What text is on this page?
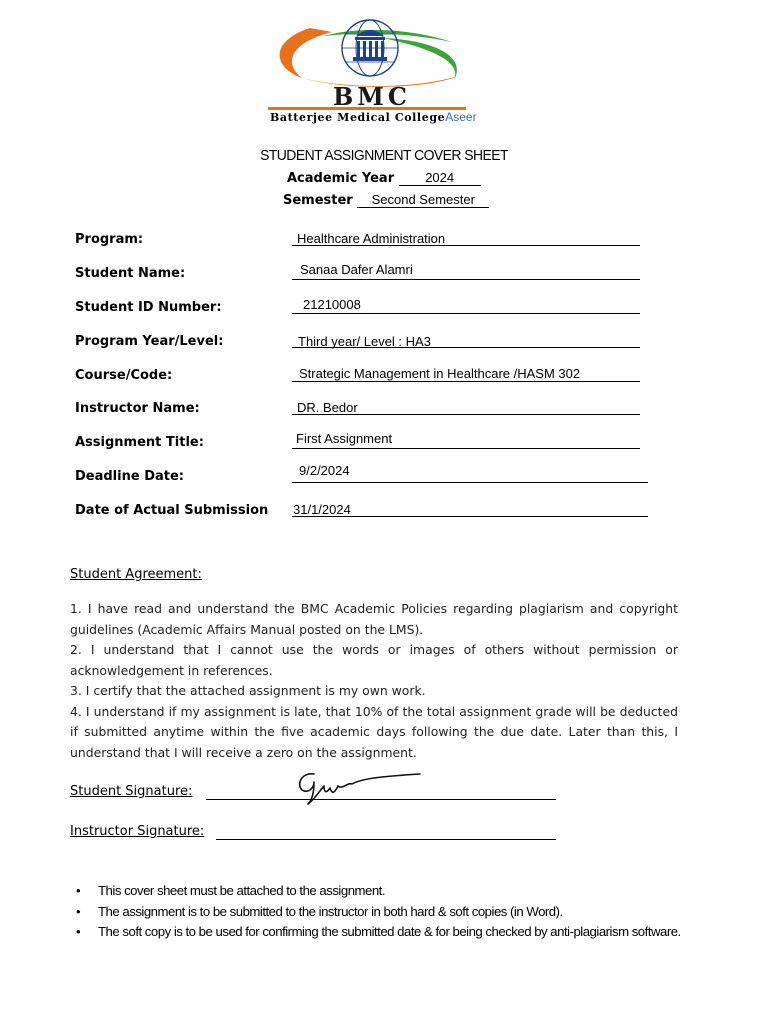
BMC
Batterjee Medical CollegeAseer
STUDENT ASSIGNMENT COVER SHEET
Academic Year 2024
Semester Second Semester
Program:	Healthcare Administration
Student Name:	Sanaa Dafer Alamri
Student ID Number:	21210008
Program Year/Level:	Third year/ Level : HA3
Course/Code:	Strategic Management in Healthcare /HASM 302
Instructor Name:	DR. Bedor
Assignment Title:	First Assignment
Deadline Date:	9/2/2024
Date of Actual Submission 31/1/2024
Student Agreement:

1. I have read and understand the BMC Academic Policies regarding plagiarism and copyright guidelines (Academic Affairs Manual posted on the LMS).

2. I understand that I cannot use the words or images of others without permission or acknowledgement in references.

3. I certify that the attached assignment is my own work.

4. I understand if my assignment is late, that 10% of the total assignment grade will be deducted if submitted anytime within the five academic days following the due date. Later than this, I understand that I will receive a zero on the assignment.

Student Signature:
Instructor Signature:
• This cover sheet must be attached to the assignment.
• The assignment is to be submitted to the instructor in both hard & soft copies (in Word).
• The soft copy is to be used for confirming the submitted date & for being checked by anti-plagiarism software.
